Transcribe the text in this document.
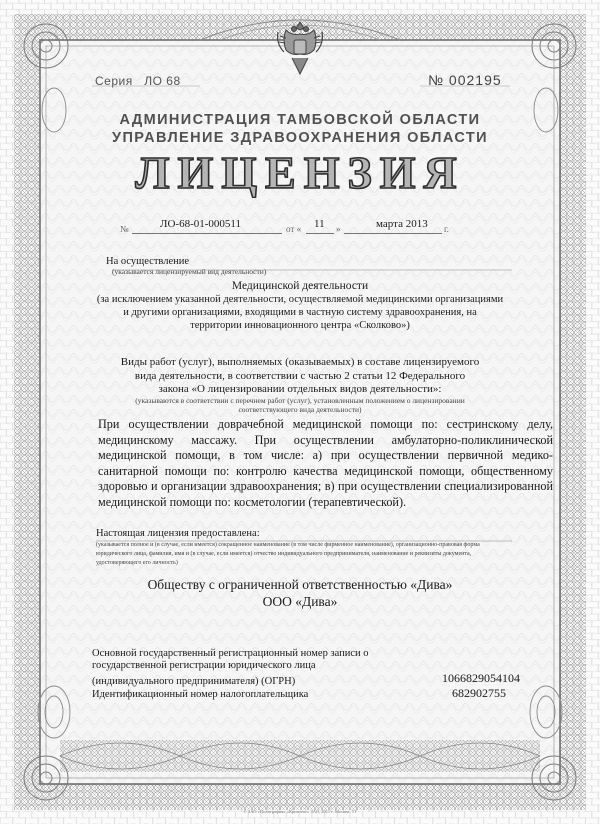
Серия ЛО 68	№ 002195
АДМИНИСТРАЦИЯ ТАМБОВСКОЙ ОБЛАСТИ
УПРАВЛЕНИЕ ЗДРАВООХРАНЕНИЯ ОБЛАСТИ
ЛИЦЕНЗИЯ
№	ЛО-68-01-000511	от « 11 »	марта 2013 г.
На осуществление
(указывается лицензируемый вид деятельности)
Медицинской деятельности
(за исключением указанной деятельности, осуществляемой медицинскими организациями
и другими организациями, входящими в частную систему здравоохранения, на
территории инновационного центра «Сколково»)
Виды работ (услуг), выполняемых (оказываемых) в составе лицензируемого
вида деятельности, в соответствии с частью 2 статьи 12 Федерального
закона «О лицензировании отдельных видов деятельности»:
(указываются в соответствии с перечнем работ (услуг), установленным положением о лицензировании
соответствующего вида деятельности)
При осуществлении доврачебной медицинской помощи по: сестринскому делу, медицинскому массажу. При осуществлении амбулаторно-поликлинической медицинской помощи, в том числе: а) при осуществлении первичной медико-санитарной помощи по: контролю качества медицинской помощи, общественному здоровью и организации здравоохранения; в) при осуществлении специализированной медицинской помощи по: косметологии (терапевтической).
Настоящая лицензия предоставлена:
(указывается полное и (в случае, если имеется) сокращенное наименование (в том числе фирменное наименование), организационно-правовая форма
юридического лица, фамилия, имя и (в случае, если имеется) отчество индивидуального предпринимателя, наименование и реквизиты документа,
удостоверяющего его личность)
Обществу с ограниченной ответственностью «Дива»
ООО «Дива»
Основной государственный регистрационный номер записи о
государственной регистрации юридического лица
(индивидуального предпринимателя) (ОГРН)	1066829054104
Идентификационный номер налогоплательщика	682902755
© ЗАО «Полиграфия» «Криптекс» ЗАО, 2011 г. Москва. Т1
